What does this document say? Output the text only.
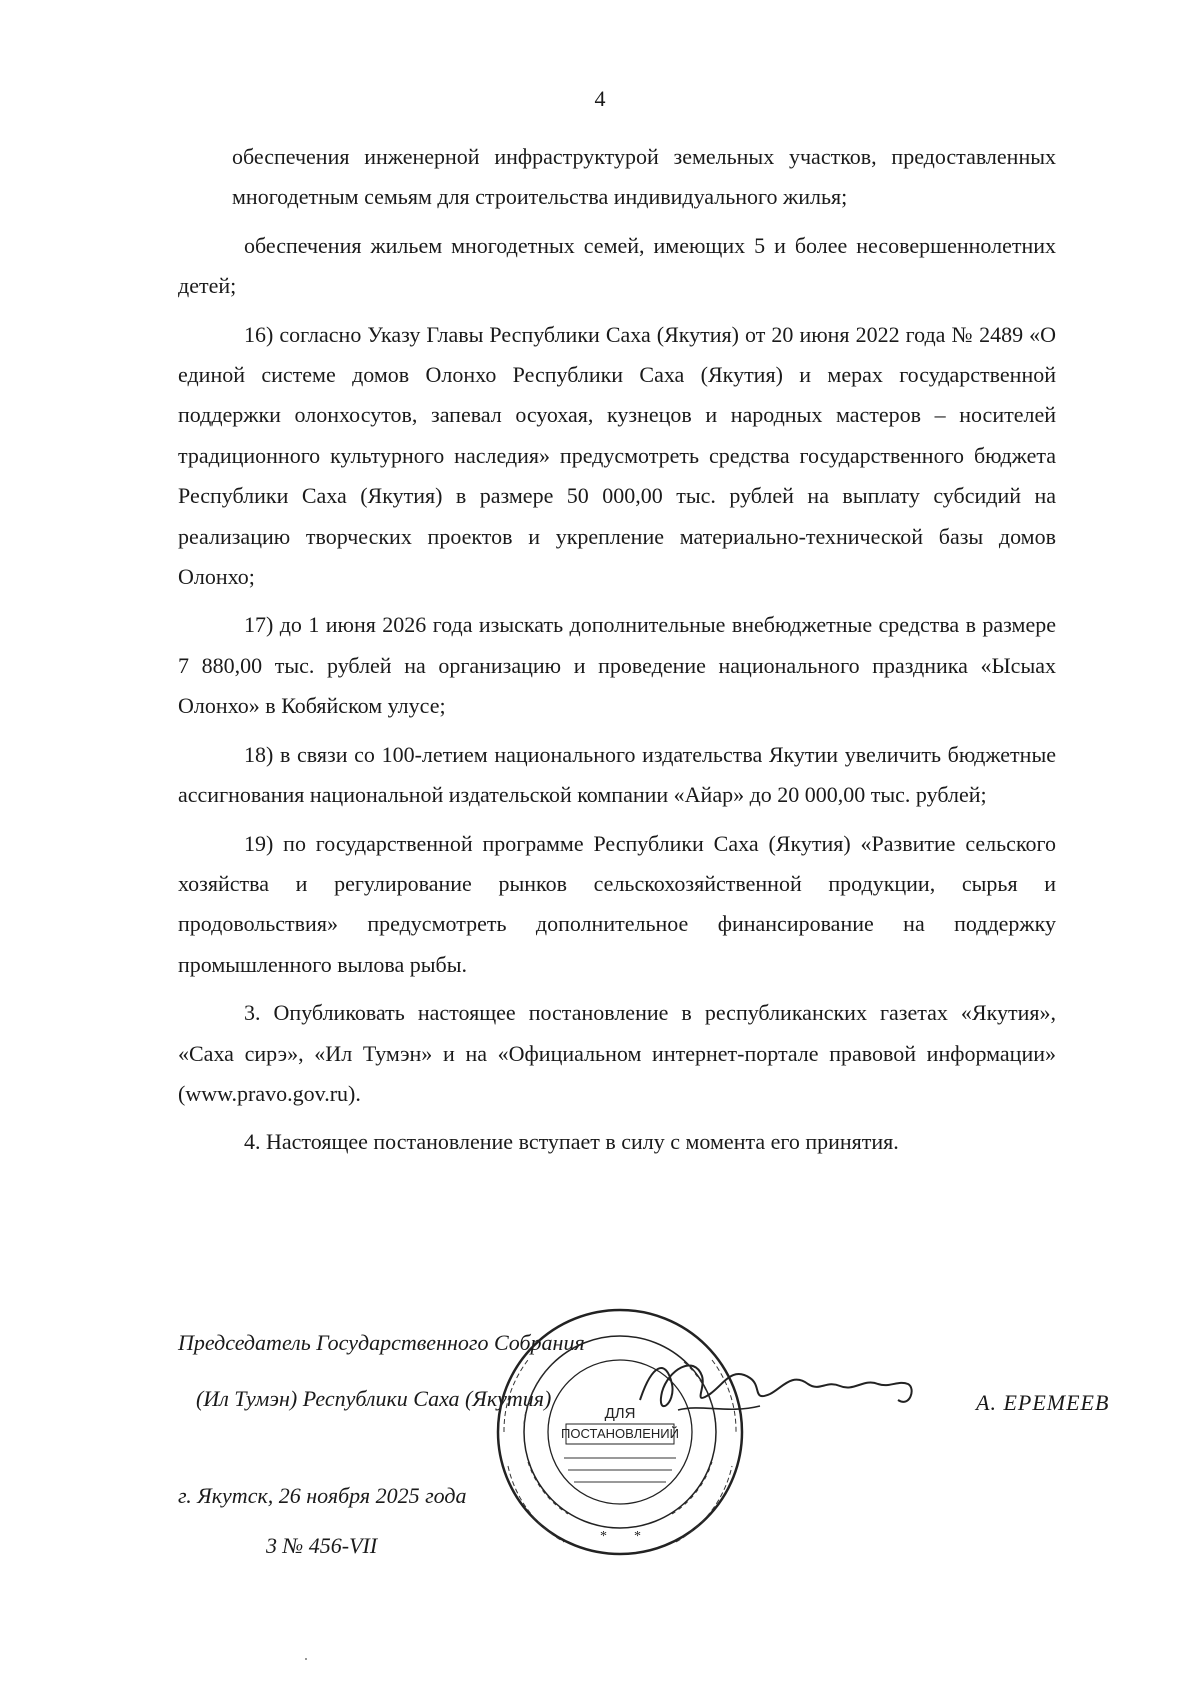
4

обеспечения инженерной инфраструктурой земельных участков, предоставленных многодетным семьям для строительства индивидуального жилья;

обеспечения жильем многодетных семей, имеющих 5 и более несовершеннолетних детей;

16) согласно Указу Главы Республики Саха (Якутия) от 20 июня 2022 года № 2489 «О единой системе домов Олонхо Республики Саха (Якутия) и мерах государственной поддержки олонхосутов, запевал осуохая, кузнецов и народных мастеров – носителей традиционного культурного наследия» предусмотреть средства государственного бюджета Республики Саха (Якутия) в размере 50 000,00 тыс. рублей на выплату субсидий на реализацию творческих проектов и укрепление материально-технической базы домов Олонхо;

17) до 1 июня 2026 года изыскать дополнительные внебюджетные средства в размере 7 880,00 тыс. рублей на организацию и проведение национального праздника «Ысыах Олонхо» в Кобяйском улусе;

18) в связи со 100-летием национального издательства Якутии увеличить бюджетные ассигнования национальной издательской компании «Айар» до 20 000,00 тыс. рублей;

19) по государственной программе Республики Саха (Якутия) «Развитие сельского хозяйства и регулирование рынков сельскохозяйственной продукции, сырья и продовольствия» предусмотреть дополнительное финансирование на поддержку промышленного вылова рыбы.

3. Опубликовать настоящее постановление в республиканских газетах «Якутия», «Саха сирэ», «Ил Тумэн» и на «Официальном интернет-портале правовой информации» (www.pravo.gov.ru).

4. Настоящее постановление вступает в силу с момента его принятия.

Председатель Государственного Собрания
(Ил Тумэн) Республики Саха (Якутия)	А. ЕРЕМЕЕВ
г. Якутск, 26 ноября 2025 года
3 № 456-VII
ДЛЯ
ПОСТАНОВЛЕНИЙ
* *
